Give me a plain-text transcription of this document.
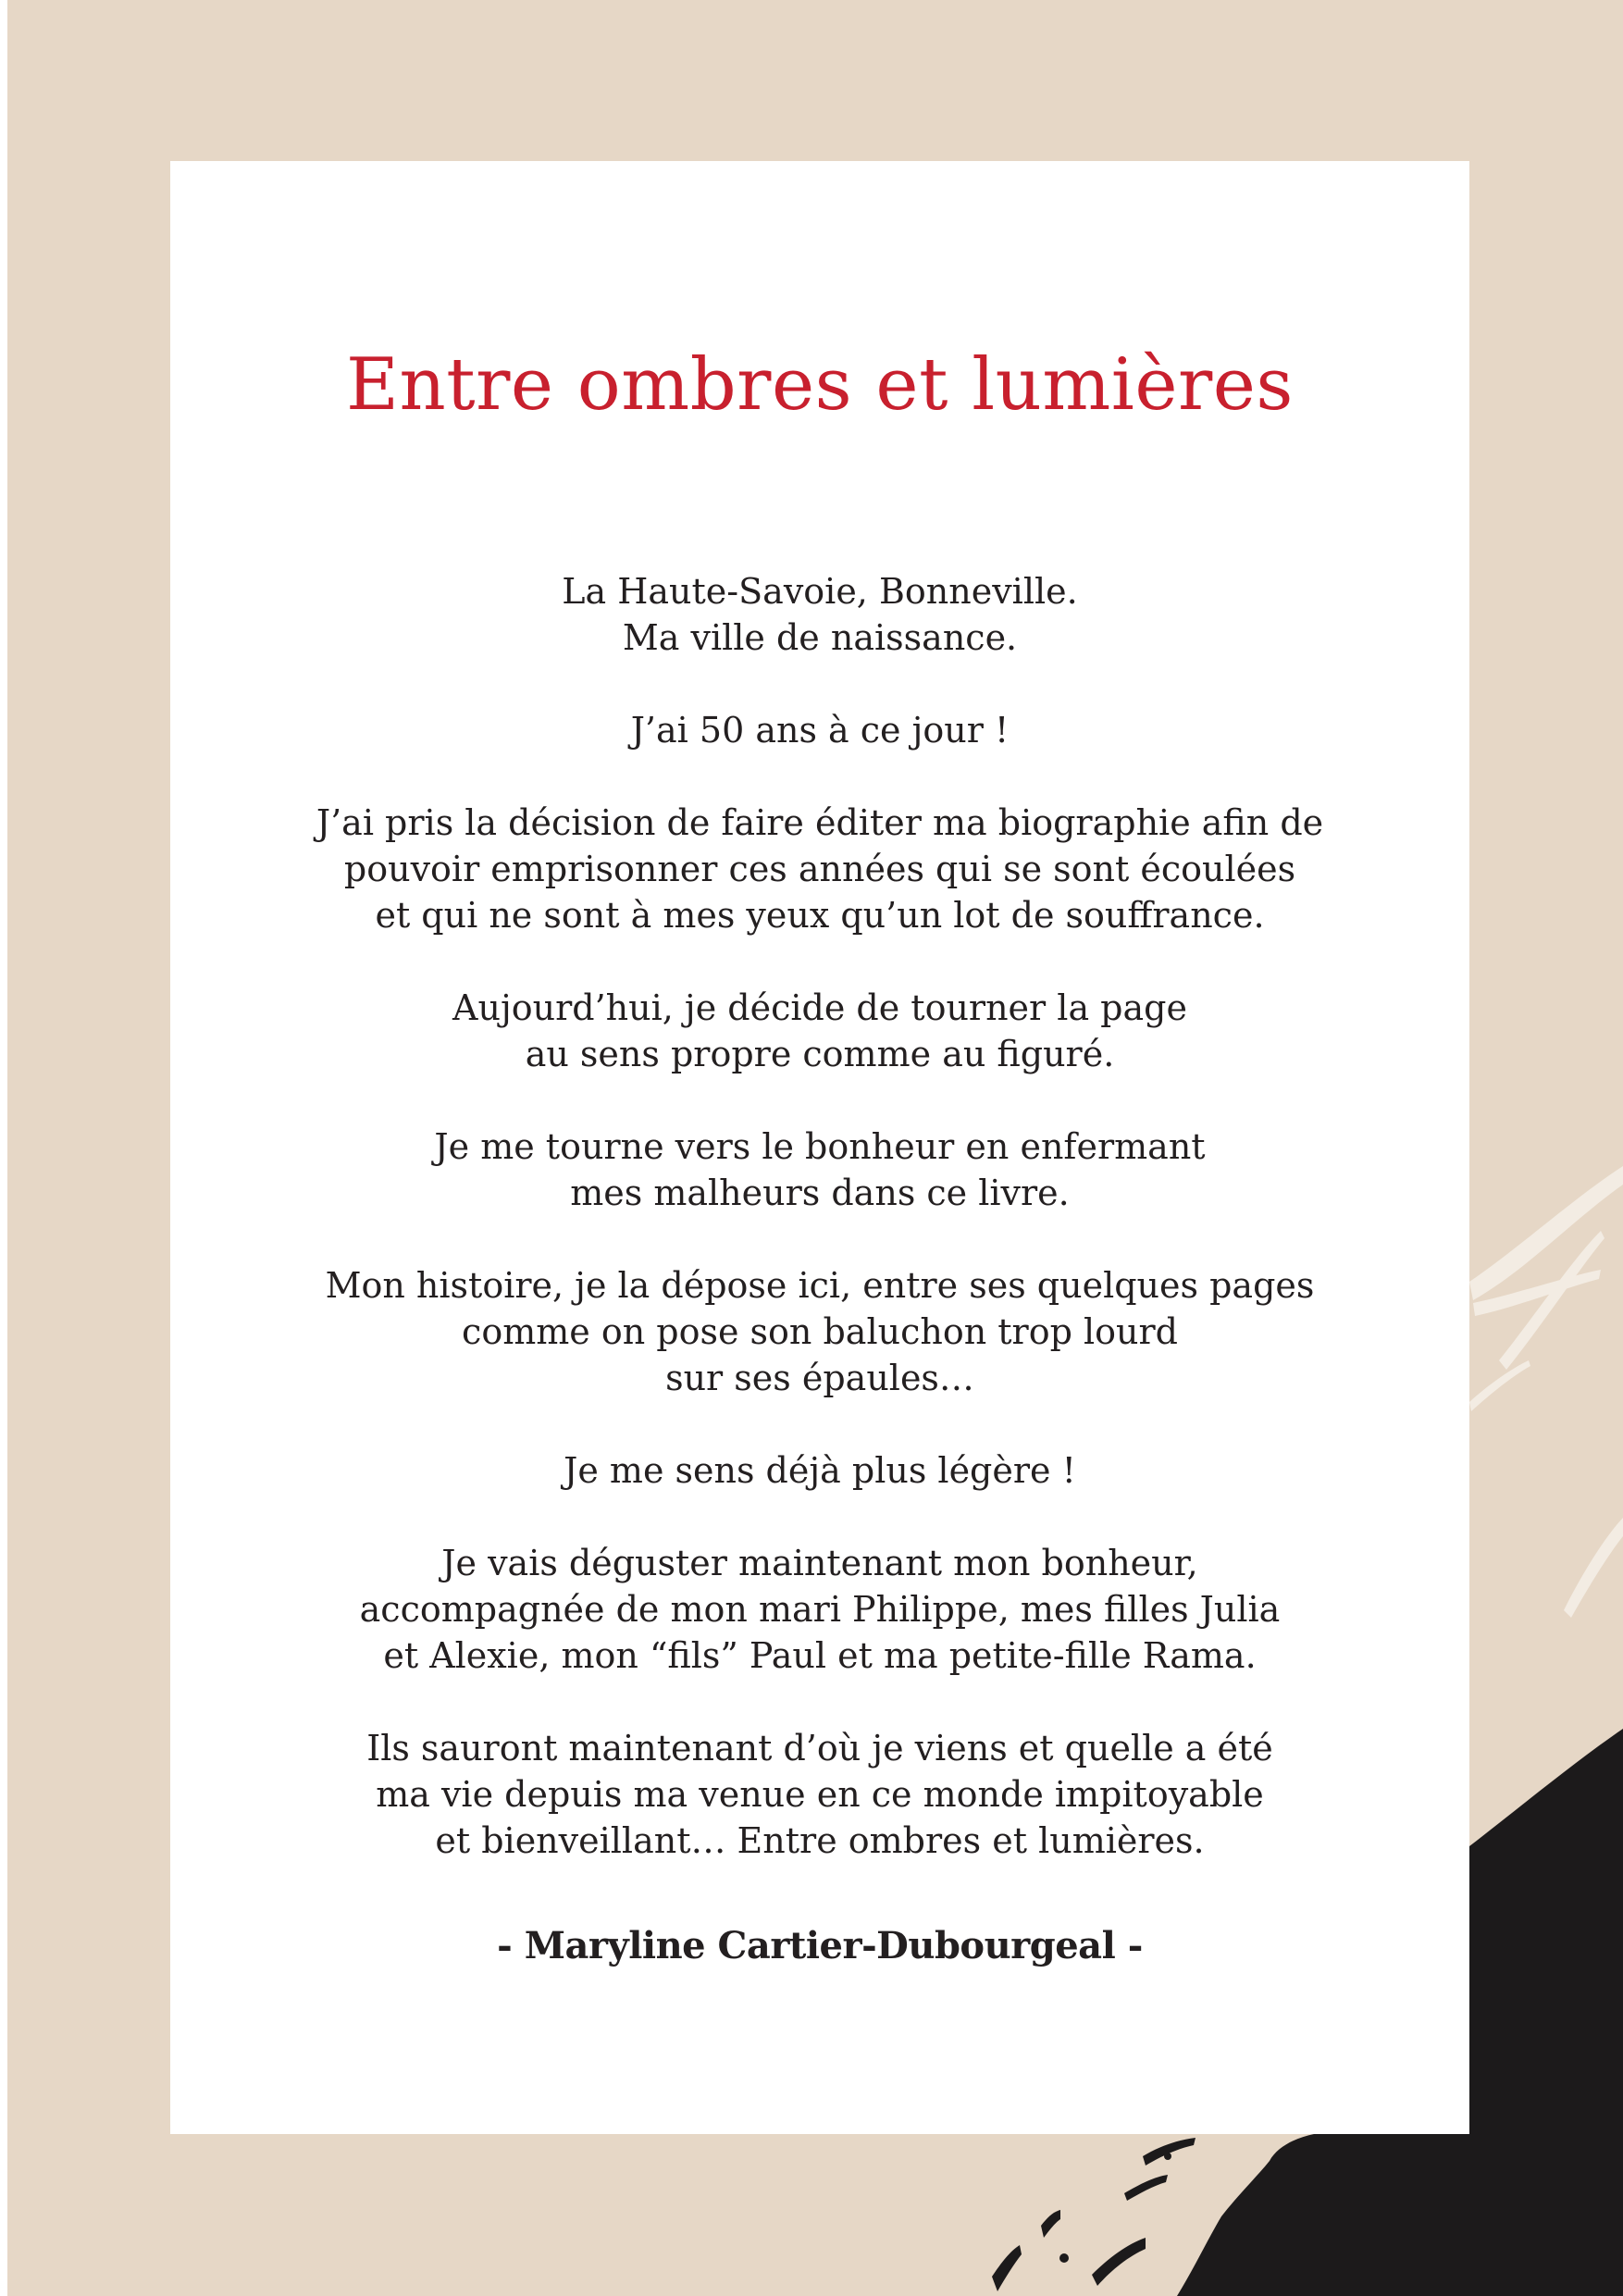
Entre ombres et lumières
La Haute-Savoie, Bonneville.
Ma ville de naissance.
J’ai 50 ans à ce jour !
J’ai pris la décision de faire éditer ma biographie afin de
pouvoir emprisonner ces années qui se sont écoulées
et qui ne sont à mes yeux qu’un lot de souffrance.
Aujourd’hui, je décide de tourner la page
au sens propre comme au figuré.
Je me tourne vers le bonheur en enfermant
mes malheurs dans ce livre.
Mon histoire, je la dépose ici, entre ses quelques pages
comme on pose son baluchon trop lourd
sur ses épaules…
Je me sens déjà plus légère !
Je vais déguster maintenant mon bonheur,
accompagnée de mon mari Philippe, mes filles Julia
et Alexie, mon “fils” Paul et ma petite-fille Rama.
Ils sauront maintenant d’où je viens et quelle a été
ma vie depuis ma venue en ce monde impitoyable
et bienveillant… Entre ombres et lumières.
- Maryline Cartier-Dubourgeal -
